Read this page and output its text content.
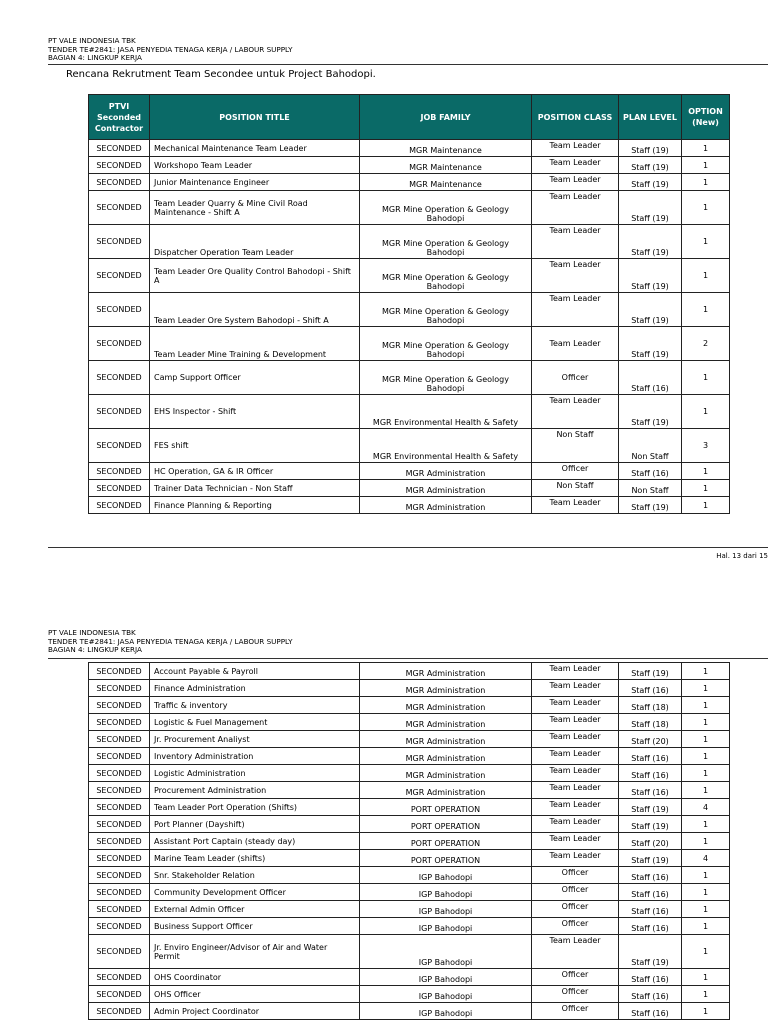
PT VALE INDONESIA TBK
TENDER TE#2841: JASA PENYEDIA TENAGA KERJA / LABOUR SUPPLY
BAGIAN 4: LINGKUP KERJA
Rencana Rekrutment Team Secondee untuk Project Bahodopi.
PTVI Seconded Contractor	POSITION TITLE	JOB FAMILY	POSITION CLASS	PLAN LEVEL	OPTION (New)
SECONDED	Mechanical Maintenance Team Leader	MGR Maintenance	Team Leader	Staff (19)	1
SECONDED	Workshopo Team Leader	MGR Maintenance	Team Leader	Staff (19)	1
SECONDED	Junior Maintenance Engineer	MGR Maintenance	Team Leader	Staff (19)	1
SECONDED	Team Leader Quarry & Mine Civil Road Maintenance - Shift A	MGR Mine Operation & Geology Bahodopi	Team Leader	Staff (19)	1
SECONDED	Dispatcher Operation Team Leader	MGR Mine Operation & Geology Bahodopi	Team Leader	Staff (19)	1
SECONDED	Team Leader Ore Quality Control Bahodopi - Shift A	MGR Mine Operation & Geology Bahodopi	Team Leader	Staff (19)	1
SECONDED	Team Leader Ore System Bahodopi - Shift A	MGR Mine Operation & Geology Bahodopi	Team Leader	Staff (19)	1
SECONDED	Team Leader Mine Training & Development	MGR Mine Operation & Geology Bahodopi	Team Leader	Staff (19)	2
SECONDED	Camp Support Officer	MGR Mine Operation & Geology Bahodopi	Officer	Staff (16)	1
SECONDED	EHS Inspector - Shift	MGR Environmental Health & Safety	Team Leader	Staff (19)	1
SECONDED	FES shift	MGR Environmental Health & Safety	Non Staff	Non Staff	3
SECONDED	HC Operation, GA & IR Officer	MGR Administration	Officer	Staff (16)	1
SECONDED	Trainer Data Technician - Non Staff	MGR Administration	Non Staff	Non Staff	1
SECONDED	Finance Planning & Reporting	MGR Administration	Team Leader	Staff (19)	1
Hal. 13 dari 15
PT VALE INDONESIA TBK
TENDER TE#2841: JASA PENYEDIA TENAGA KERJA / LABOUR SUPPLY
BAGIAN 4: LINGKUP KERJA
SECONDED	Account Payable & Payroll	MGR Administration	Team Leader	Staff (19)	1
SECONDED	Finance Administration	MGR Administration	Team Leader	Staff (16)	1
SECONDED	Traffic & inventory	MGR Administration	Team Leader	Staff (18)	1
SECONDED	Logistic & Fuel Management	MGR Administration	Team Leader	Staff (18)	1
SECONDED	Jr. Procurement Analiyst	MGR Administration	Team Leader	Staff (20)	1
SECONDED	Inventory Administration	MGR Administration	Team Leader	Staff (16)	1
SECONDED	Logistic Administration	MGR Administration	Team Leader	Staff (16)	1
SECONDED	Procurement Administration	MGR Administration	Team Leader	Staff (16)	1
SECONDED	Team Leader Port Operation (Shifts)	PORT OPERATION	Team Leader	Staff (19)	4
SECONDED	Port Planner (Dayshift)	PORT OPERATION	Team Leader	Staff (19)	1
SECONDED	Assistant Port Captain (steady day)	PORT OPERATION	Team Leader	Staff (20)	1
SECONDED	Marine Team Leader (shifts)	PORT OPERATION	Team Leader	Staff (19)	4
SECONDED	Snr. Stakeholder Relation	IGP Bahodopi	Officer	Staff (16)	1
SECONDED	Community Development Officer	IGP Bahodopi	Officer	Staff (16)	1
SECONDED	External Admin Officer	IGP Bahodopi	Officer	Staff (16)	1
SECONDED	Business Support Officer	IGP Bahodopi	Officer	Staff (16)	1
SECONDED	Jr. Enviro Engineer/Advisor of Air and Water Permit	IGP Bahodopi	Team Leader	Staff (19)	1
SECONDED	OHS Coordinator	IGP Bahodopi	Officer	Staff (16)	1
SECONDED	OHS Officer	IGP Bahodopi	Officer	Staff (16)	1
SECONDED	Admin Project Coordinator	IGP Bahodopi	Officer	Staff (16)	1
